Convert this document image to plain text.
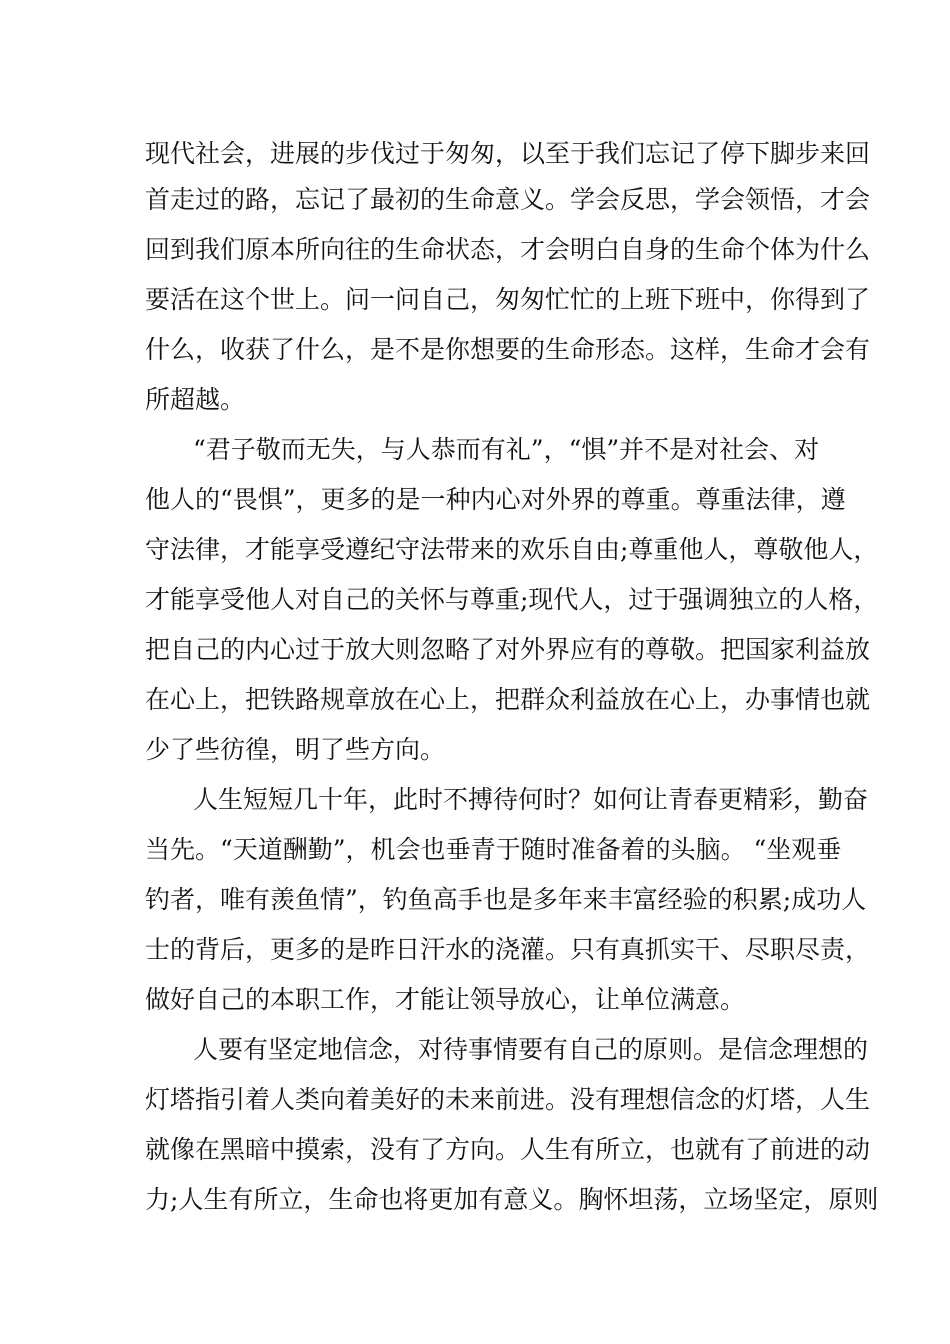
现代社会，进展的步伐过于匆匆，以至于我们忘记了停下脚步来回
首走过的路，忘记了最初的生命意义。学会反思，学会领悟，才会
回到我们原本所向往的生命状态，才会明白自身的生命个体为什么
要活在这个世上。问一问自己，匆匆忙忙的上班下班中，你得到了
什么，收获了什么，是不是你想要的生命形态。这样，生命才会有
所超越。
“君子敬而无失，与人恭而有礼”，“惧”并不是对社会、对
他人的“畏惧”，更多的是一种内心对外界的尊重。尊重法律，遵
守法律，才能享受遵纪守法带来的欢乐自由;尊重他人，尊敬他人，
才能享受他人对自己的关怀与尊重;现代人，过于强调独立的人格，
把自己的内心过于放大则忽略了对外界应有的尊敬。把国家利益放
在心上，把铁路规章放在心上，把群众利益放在心上，办事情也就
少了些彷徨，明了些方向。
人生短短几十年，此时不搏待何时？如何让青春更精彩，勤奋
当先。“天道酬勤”，机会也垂青于随时准备着的头脑。 “坐观垂
钓者，唯有羡鱼情”，钓鱼高手也是多年来丰富经验的积累;成功人
士的背后，更多的是昨日汗水的浇灌。只有真抓实干、尽职尽责，
做好自己的本职工作，才能让领导放心，让单位满意。
人要有坚定地信念，对待事情要有自己的原则。是信念理想的
灯塔指引着人类向着美好的未来前进。没有理想信念的灯塔，人生
就像在黑暗中摸索，没有了方向。人生有所立，也就有了前进的动
力;人生有所立，生命也将更加有意义。胸怀坦荡，立场坚定，原则
